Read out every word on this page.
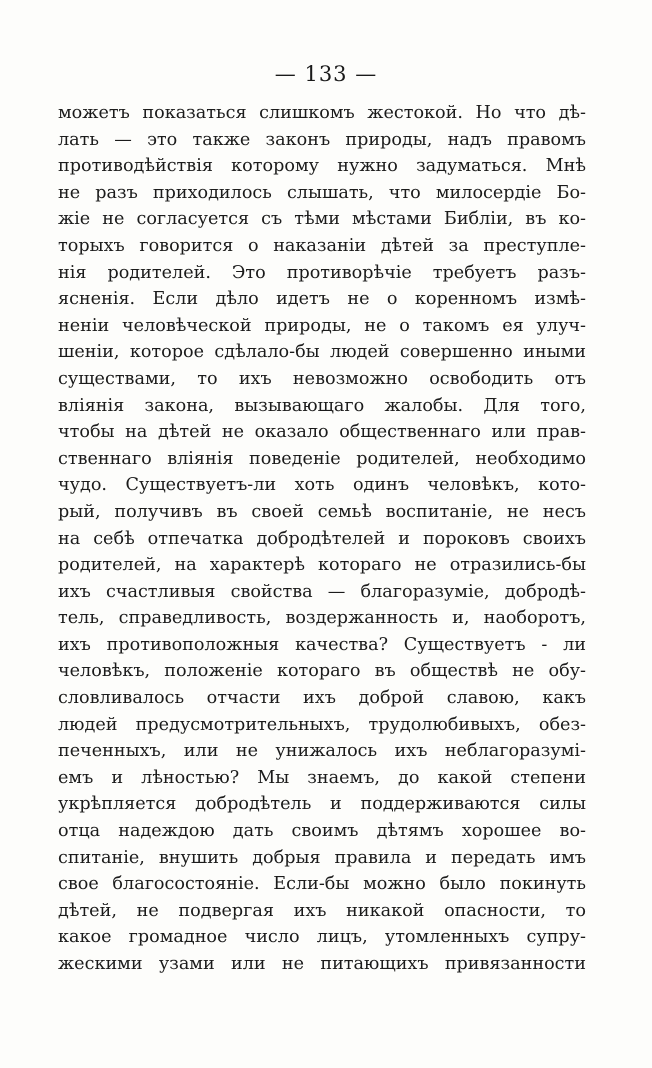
— 133 —
можетъ показаться слишкомъ жестокой. Но что дѣ-
лать — это также законъ природы, надъ правомъ
противодѣйствія которому нужно задуматься. Мнѣ
не разъ приходилось слышать, что милосердіе Бо-
жіе не согласуется съ тѣми мѣстами Библіи, въ ко-
торыхъ говорится о наказаніи дѣтей за преступле-
нія родителей. Это противорѣчіе требуетъ разъ-
ясненія. Если дѣло идетъ не о коренномъ измѣ-
неніи человѣческой природы, не о такомъ ея улуч-
шеніи, которое сдѣлало-бы людей совершенно иными
существами, то ихъ невозможно освободить отъ
вліянія закона, вызывающаго жалобы. Для того,
чтобы на дѣтей не оказало общественнаго или прав-
ственнаго вліянія поведеніе родителей, необходимо
чудо. Существуетъ-ли хоть одинъ человѣкъ, кото-
рый, получивъ въ своей семьѣ воспитаніе, не несъ
на себѣ отпечатка добродѣтелей и пороковъ своихъ
родителей, на характерѣ котораго не отразились-бы
ихъ счастливыя свойства — благоразуміе, добродѣ-
тель, справедливость, воздержанность и, наоборотъ,
ихъ противоположныя качества? Существуетъ - ли
человѣкъ, положеніе котораго въ обществѣ не обу-
словливалось отчасти ихъ доброй славою, какъ
людей предусмотрительныхъ, трудолюбивыхъ, обез-
печенныхъ, или не унижалось ихъ неблагоразумі-
емъ и лѣностью? Мы знаемъ, до какой степени
укрѣпляется добродѣтель и поддерживаются силы
отца надеждою дать своимъ дѣтямъ хорошее во-
спитаніе, внушить добрыя правила и передать имъ
свое благосостояніе. Если-бы можно было покинуть
дѣтей, не подвергая ихъ никакой опасности, то
какое громадное число лицъ, утомленныхъ супру-
жескими узами или не питающихъ привязанности
